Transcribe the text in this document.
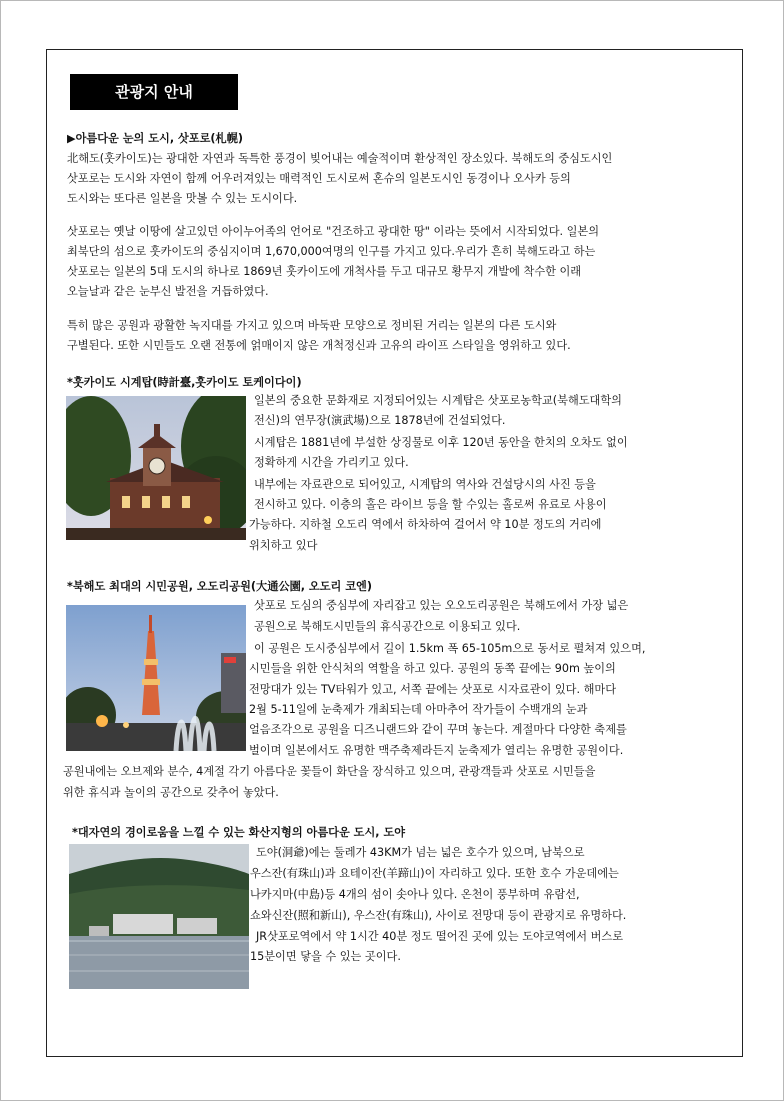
관광지 안내
▶아름다운 눈의 도시, 삿포로(札幌)
北해도(훗카이도)는 광대한 자연과 독특한 풍경이 빚어내는 예술적이며 환상적인 장소있다. 북해도의 중심도시인
삿포로는 도시와 자연이 함께 어우러져있는 매력적인 도시로써 혼슈의 일본도시인 동경이나 오사카 등의
도시와는 또다른 일본을 맛볼 수 있는 도시이다.
삿포로는 옛날 이땅에 살고있던 아이누어족의 언어로 "건조하고 광대한 땅" 이라는 뜻에서 시작되었다. 일본의
최북단의 섬으로 훗카이도의 중심지이며 1,670,000여명의 인구를 가지고 있다.우리가 흔히 북해도라고 하는
삿포로는 일본의 5대 도시의 하나로 1869년 훗카이도에 개척사를 두고 대규모 황무지 개발에 착수한 이래
오늘날과 같은 눈부신 발전을 거듭하였다.
특히 많은 공원과 광활한 녹지대를 가지고 있으며 바둑판 모양으로 정비된 거리는 일본의 다른 도시와
구별된다. 또한 시민들도 오랜 전통에 얽매이지 않은 개척정신과 고유의 라이프 스타일을 영위하고 있다.
*훗카이도 시계탑(時計臺,훗카이도 토케이다이)
일본의 중요한 문화재로 지정되어있는 시계탑은 삿포로농학교(북해도대학의
전신)의 연무장(演武場)으로 1878년에 건설되었다.
시계탑은 1881년에 부설한 상징물로 이후 120년 동안을 한치의 오차도 없이
정확하게 시간을 가리키고 있다.
내부에는 자료관으로 되어있고, 시계탑의 역사와 건설당시의 사진 등을
전시하고 있다. 이층의 홀은 라이브 등을 할 수있는 홀로써 유료로 사용이
가능하다. 지하철 오도리 역에서 하차하여 걸어서 약 10분 정도의 거리에
위치하고 있다
*북해도 최대의 시민공원, 오도리공원(大通公園, 오도리 코엔)
삿포로 도심의 중심부에 자리잡고 있는 오오도리공원은 북해도에서 가장 넓은
공원으로 북해도시민들의 휴식공간으로 이용되고 있다.
이 공원은 도시중심부에서 길이 1.5km 폭 65-105m으로 동서로 펼쳐져 있으며,
시민들을 위한 안식처의 역할을 하고 있다. 공원의 동쪽 끝에는 90m 높이의
전망대가 있는 TV타워가 있고, 서쪽 끝에는 삿포로 시자료관이 있다. 해마다
2월 5-11일에 눈축제가 개최되는데 아마추어 작가들이 수백개의 눈과
얼음조각으로 공원을 디즈니랜드와 같이 꾸며 놓는다. 계절마다 다양한 축제를
벌이며 일본에서도 유명한 맥주축제라든지 눈축제가 열리는 유명한 공원이다.
공원내에는 오브제와 분수, 4계절 각기 아름다운 꽃들이 화단을 장식하고 있으며, 관광객들과 삿포로 시민들을
위한 휴식과 놀이의 공간으로 갖추어 놓았다.
*대자연의 경이로움을 느낄 수 있는 화산지형의 아름다운 도시, 도야
도야(洞爺)에는 둘레가 43KM가 넘는 넓은 호수가 있으며, 남북으로
우스잔(有珠山)과 요테이잔(羊蹄山)이 자리하고 있다. 또한 호수 가운데에는
나카지마(中島)등 4개의 섬이 솟아나 있다. 온천이 풍부하며 유람선,
쇼와신잔(照和新山), 우스잔(有珠山), 사이로 전망대 등이 관광지로 유명하다.
JR삿포로역에서 약 1시간 40분 정도 떨어진 곳에 있는 도야코역에서 버스로
15분이면 닿을 수 있는 곳이다.
